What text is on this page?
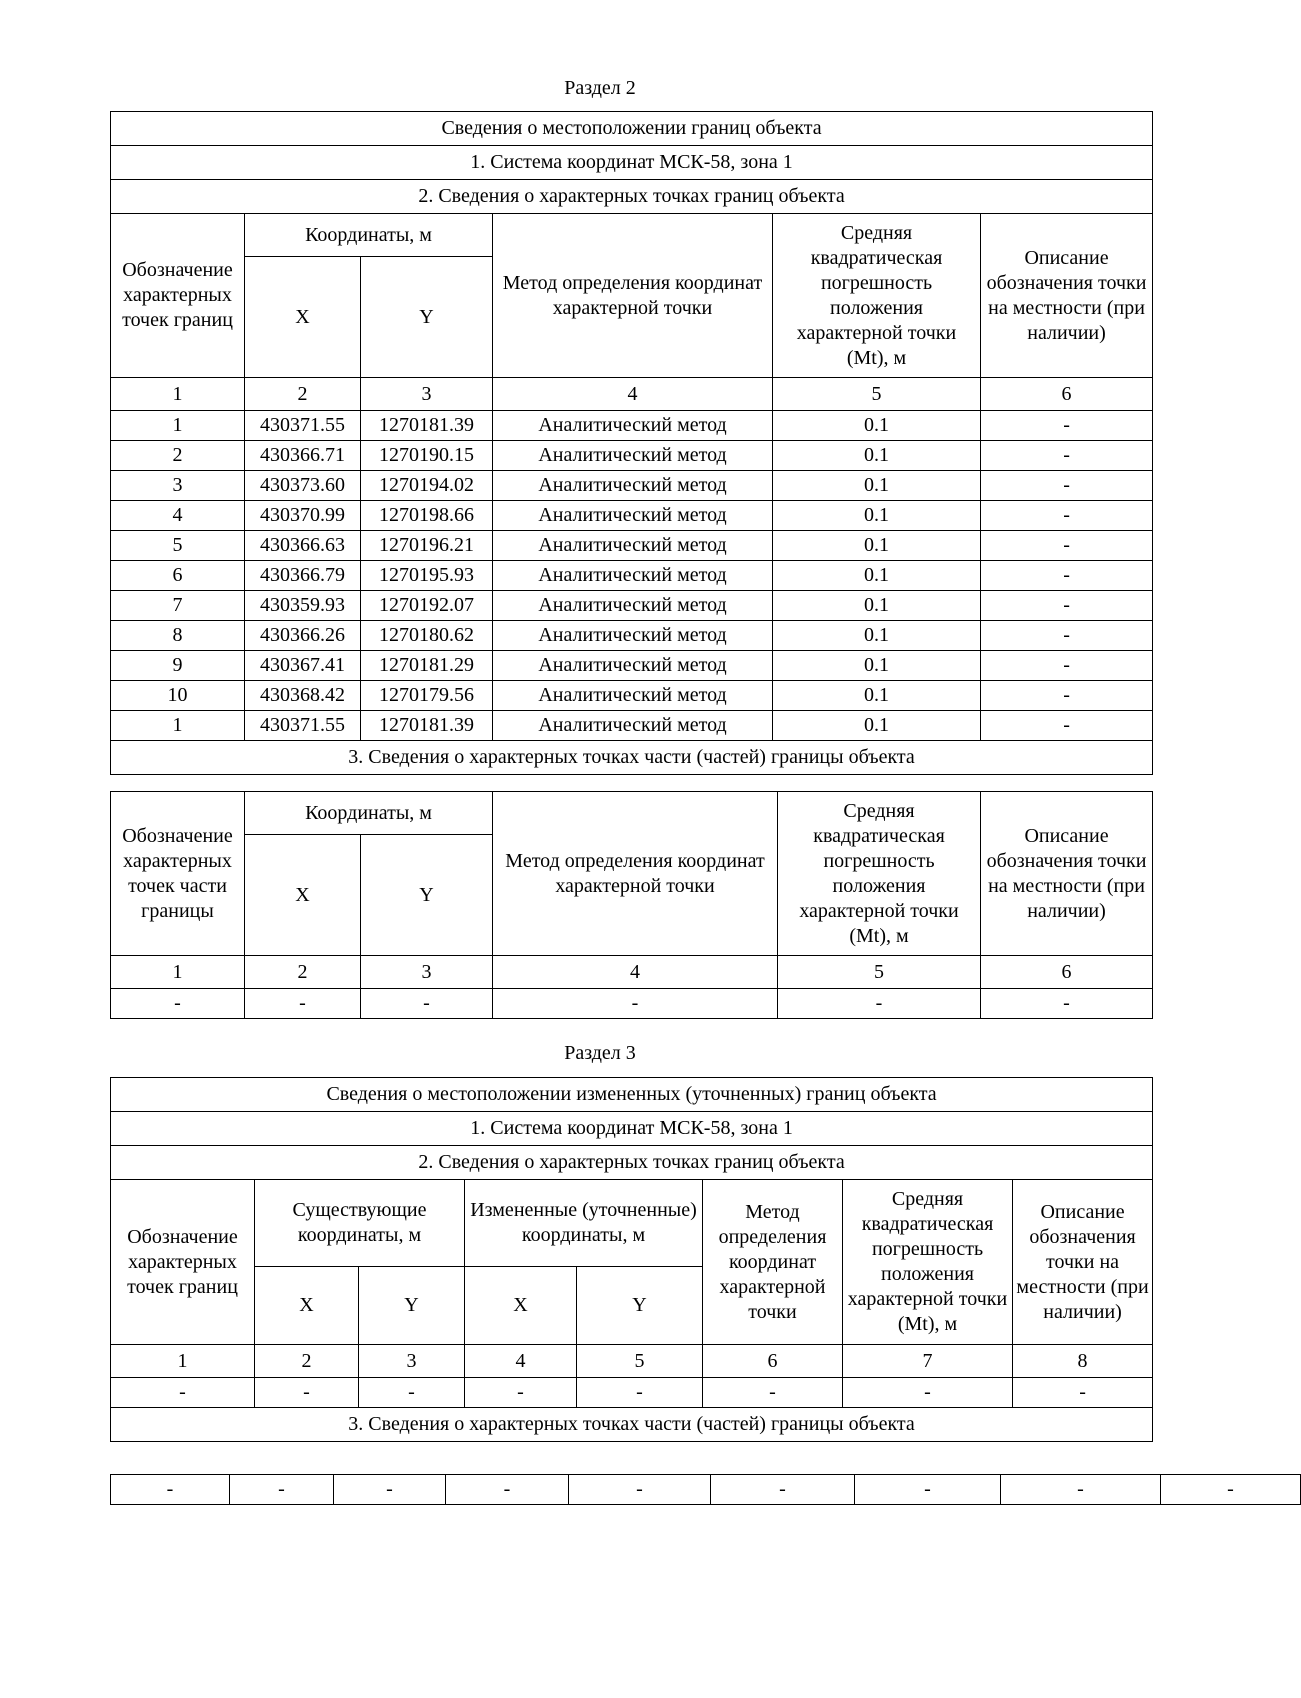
Раздел 2
Сведения о местоположении границ объекта					
1. Система координат МСК-58, зона 1					
2. Сведения о характерных точках границ объекта					
Обозначение характерных точек границ	Координаты, м		Метод определения координат характерной точки	Средняя квадратическая погрешность положения характерной точки (Mt), м	Описание обозначения точки на местности (при наличии)
	X	Y			
1	2	3	4	5	6
1	430371.55	1270181.39	Аналитический метод	0.1	-
2	430366.71	1270190.15	Аналитический метод	0.1	-
3	430373.60	1270194.02	Аналитический метод	0.1	-
4	430370.99	1270198.66	Аналитический метод	0.1	-
5	430366.63	1270196.21	Аналитический метод	0.1	-
6	430366.79	1270195.93	Аналитический метод	0.1	-
7	430359.93	1270192.07	Аналитический метод	0.1	-
8	430366.26	1270180.62	Аналитический метод	0.1	-
9	430367.41	1270181.29	Аналитический метод	0.1	-
10	430368.42	1270179.56	Аналитический метод	0.1	-
1	430371.55	1270181.39	Аналитический метод	0.1	-
3. Сведения о характерных точках части (частей) границы объекта					
Обозначение характерных точек части границы	Координаты, м		Метод определения координат характерной точки	Средняя квадратическая погрешность положения характерной точки (Mt), м	Описание обозначения точки на местности (при наличии)
	X	Y			
1	2	3	4	5	6
-	-	-	-	-	-
Раздел 3
Сведения о местоположении измененных (уточненных) границ объекта							
1. Система координат МСК-58, зона 1							
2. Сведения о характерных точках границ объекта							
Обозначение характерных точек границ	Существующие координаты, м		Измененные (уточненные) координаты, м		Метод определения координат характерной точки	Средняя квадратическая погрешность положения характерной точки (Mt), м	Описание обозначения точки на местности (при наличии)
	X	Y	X	Y			
1	2	3	4	5	6	7	8
-	-	-	-	-	-	-	-
3. Сведения о характерных точках части (частей) границы объекта							
-	-	-	-	-	-	-	-	-
